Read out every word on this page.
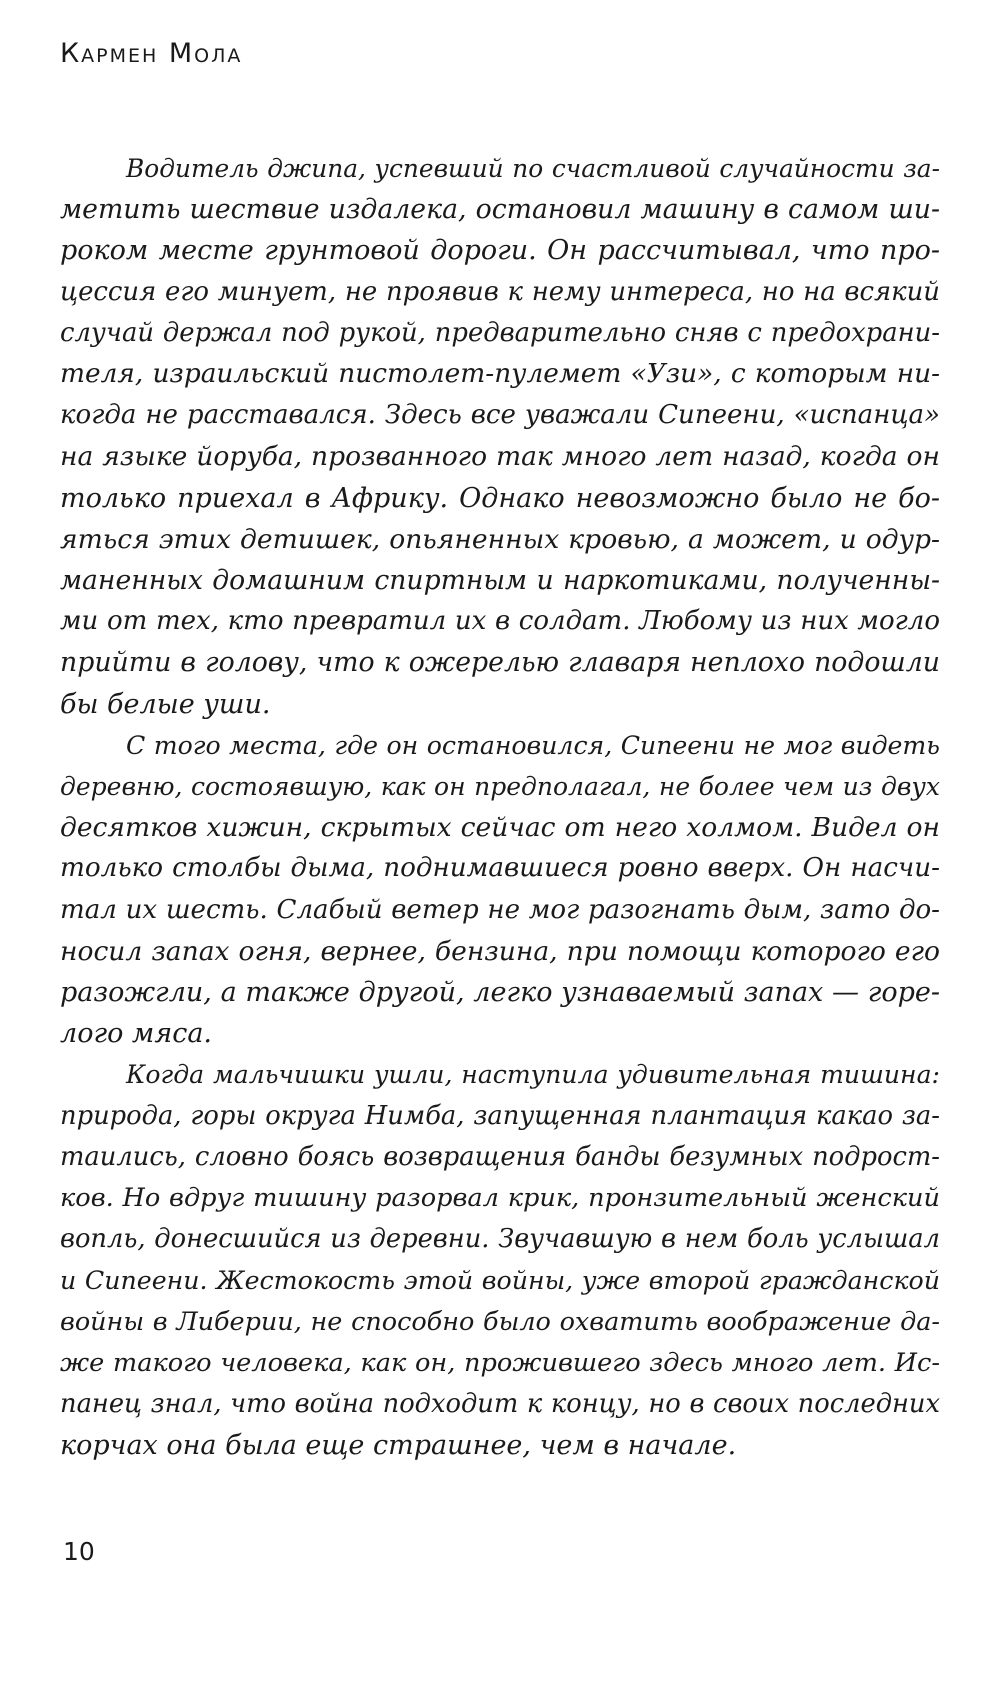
Кармен Мола

Водитель джипа, успевший по счастливой случайности за-
метить шествие издалека, остановил машину в самом ши-
роком месте грунтовой дороги. Он рассчитывал, что про-
цессия его минует, не проявив к нему интереса, но на всякий
случай держал под рукой, предварительно сняв с предохрани-
теля, израильский пистолет-пулемет «Узи», с которым ни-
когда не расставался. Здесь все уважали Сипеени, «испанца»
на языке йоруба, прозванного так много лет назад, когда он
только приехал в Африку. Однако невозможно было не бо-
яться этих детишек, опьяненных кровью, а может, и одур-
маненных домашним спиртным и наркотиками, полученны-
ми от тех, кто превратил их в солдат. Любому из них могло
прийти в голову, что к ожерелью главаря неплохо подошли
бы белые уши.

С того места, где он остановился, Сипеени не мог видеть
деревню, состоявшую, как он предполагал, не более чем из двух
десятков хижин, скрытых сейчас от него холмом. Видел он
только столбы дыма, поднимавшиеся ровно вверх. Он насчи-
тал их шесть. Слабый ветер не мог разогнать дым, зато до-
носил запах огня, вернее, бензина, при помощи которого его
разожгли, а также другой, легко узнаваемый запах — горе-
лого мяса.

Когда мальчишки ушли, наступила удивительная тишина:
природа, горы округа Нимба, запущенная плантация какао за-
таились, словно боясь возвращения банды безумных подрост-
ков. Но вдруг тишину разорвал крик, пронзительный женский
вопль, донесшийся из деревни. Звучавшую в нем боль услышал
и Сипеени. Жестокость этой войны, уже второй гражданской
войны в Либерии, не способно было охватить воображение да-
же такого человека, как он, прожившего здесь много лет. Ис-
панец знал, что война подходит к концу, но в своих последних
корчах она была еще страшнее, чем в начале.

10
